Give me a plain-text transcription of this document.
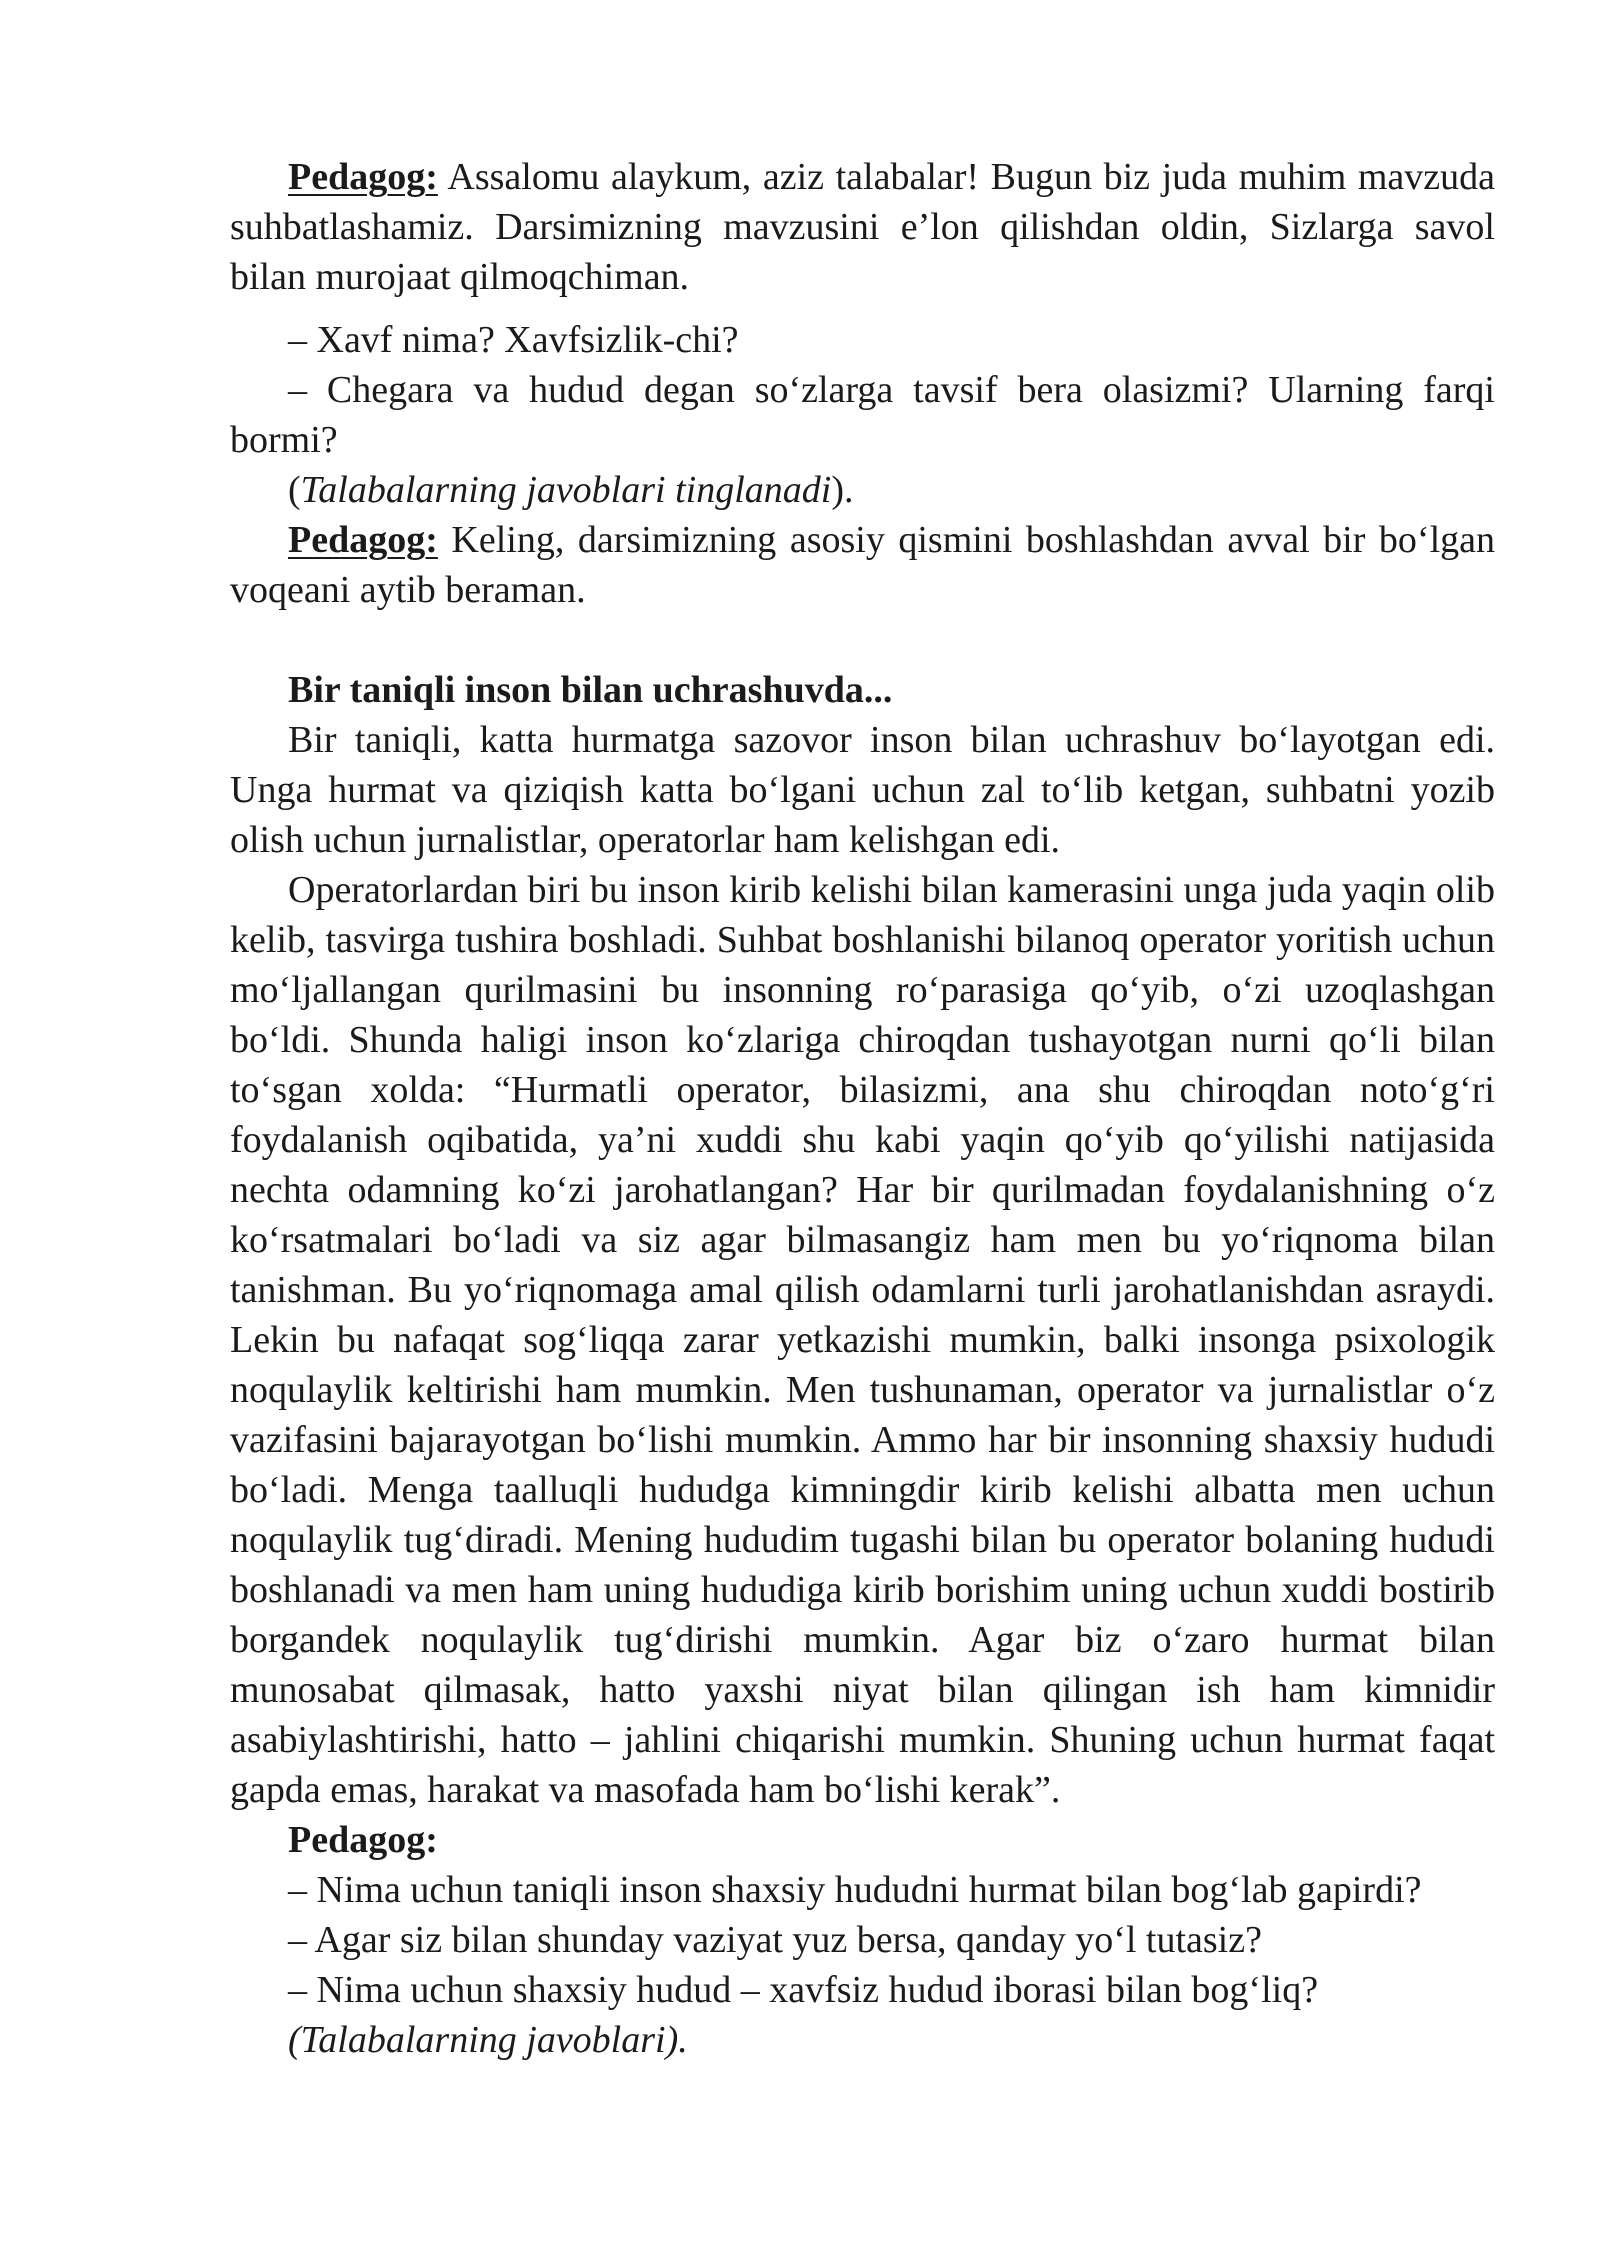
Pedagog: Assalomu alaykum, aziz talabalar! Bugun biz juda muhim mavzuda suhbatlashamiz. Darsimizning mavzusini e’lon qilishdan oldin, Sizlarga savol bilan murojaat qilmoqchiman.

– Xavf nima? Xavfsizlik-chi?

– Chegara va hudud degan so‘zlarga tavsif bera olasizmi? Ularning farqi bormi?

(Talabalarning javoblari tinglanadi).

Pedagog: Keling, darsimizning asosiy qismini boshlashdan avval bir bo‘lgan voqeani aytib beraman.

Bir taniqli inson bilan uchrashuvda...

Bir taniqli, katta hurmatga sazovor inson bilan uchrashuv bo‘layotgan edi. Unga hurmat va qiziqish katta bo‘lgani uchun zal to‘lib ketgan, suhbatni yozib olish uchun jurnalistlar, operatorlar ham kelishgan edi.

Operatorlardan biri bu inson kirib kelishi bilan kamerasini unga juda yaqin olib kelib, tasvirga tushira boshladi. Suhbat boshlanishi bilanoq operator yoritish uchun mo‘ljallangan qurilmasini bu insonning ro‘parasiga qo‘yib, o‘zi uzoqlashgan bo‘ldi. Shunda haligi inson ko‘zlariga chiroqdan tushayotgan nurni qo‘li bilan to‘sgan xolda: “Hurmatli operator, bilasizmi, ana shu chiroqdan noto‘g‘ri foydalanish oqibatida, ya’ni xuddi shu kabi yaqin qo‘yib qo‘yilishi natijasida nechta odamning ko‘zi jarohatlangan? Har bir qurilmadan foydalanishning o‘z ko‘rsatmalari bo‘ladi va siz agar bilmasangiz ham men bu yo‘riqnoma bilan tanishman. Bu yo‘riqnomaga amal qilish odamlarni turli jarohatlanishdan asraydi. Lekin bu nafaqat sog‘liqqa zarar yetkazishi mumkin, balki insonga psixologik noqulaylik keltirishi ham mumkin. Men tushunaman, operator va jurnalistlar o‘z vazifasini bajarayotgan bo‘lishi mumkin. Ammo har bir insonning shaxsiy hududi bo‘ladi. Menga taalluqli hududga kimningdir kirib kelishi albatta men uchun noqulaylik tug‘diradi. Mening hududim tugashi bilan bu operator bolaning hududi boshlanadi va men ham uning hududiga kirib borishim uning uchun xuddi bostirib borgandek noqulaylik tug‘dirishi mumkin. Agar biz o‘zaro hurmat bilan munosabat qilmasak, hatto yaxshi niyat bilan qilingan ish ham kimnidir asabiylashtirishi, hatto – jahlini chiqarishi mumkin. Shuning uchun hurmat faqat gapda emas, harakat va masofada ham bo‘lishi kerak”.

Pedagog:

– Nima uchun taniqli inson shaxsiy hududni hurmat bilan bog‘lab gapirdi?

– Agar siz bilan shunday vaziyat yuz bersa, qanday yo‘l tutasiz?

– Nima uchun shaxsiy hudud – xavfsiz hudud iborasi bilan bog‘liq?

(Talabalarning javoblari).
